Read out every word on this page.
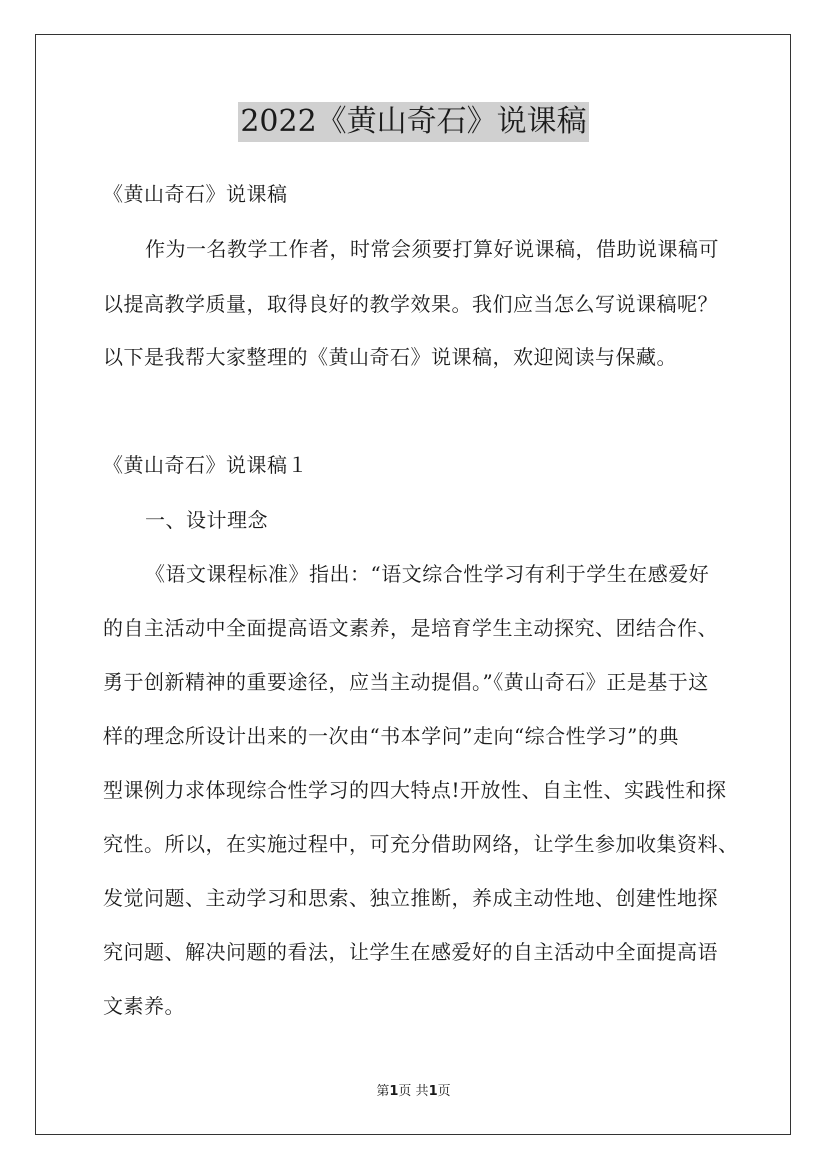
2022《黄山奇石》说课稿
《黄山奇石》说课稿
作为一名教学工作者，时常会须要打算好说课稿，借助说课稿可
以提高教学质量，取得良好的教学效果。我们应当怎么写说课稿呢？
以下是我帮大家整理的《黄山奇石》说课稿，欢迎阅读与保藏。
《黄山奇石》说课稿１
一、设计理念
《语文课程标准》指出：“语文综合性学习有利于学生在感爱好
的自主活动中全面提高语文素养，是培育学生主动探究、团结合作、
勇于创新精神的重要途径，应当主动提倡。”《黄山奇石》正是基于这
样的理念所设计出来的一次由“书本学问”走向“综合性学习”的典
型课例力求体现综合性学习的四大特点!开放性、自主性、实践性和探
究性。所以，在实施过程中，可充分借助网络，让学生参加收集资料、
发觉问题、主动学习和思索、独立推断，养成主动性地、创建性地探
究问题、解决问题的看法，让学生在感爱好的自主活动中全面提高语
文素养。
第1页 共1页
